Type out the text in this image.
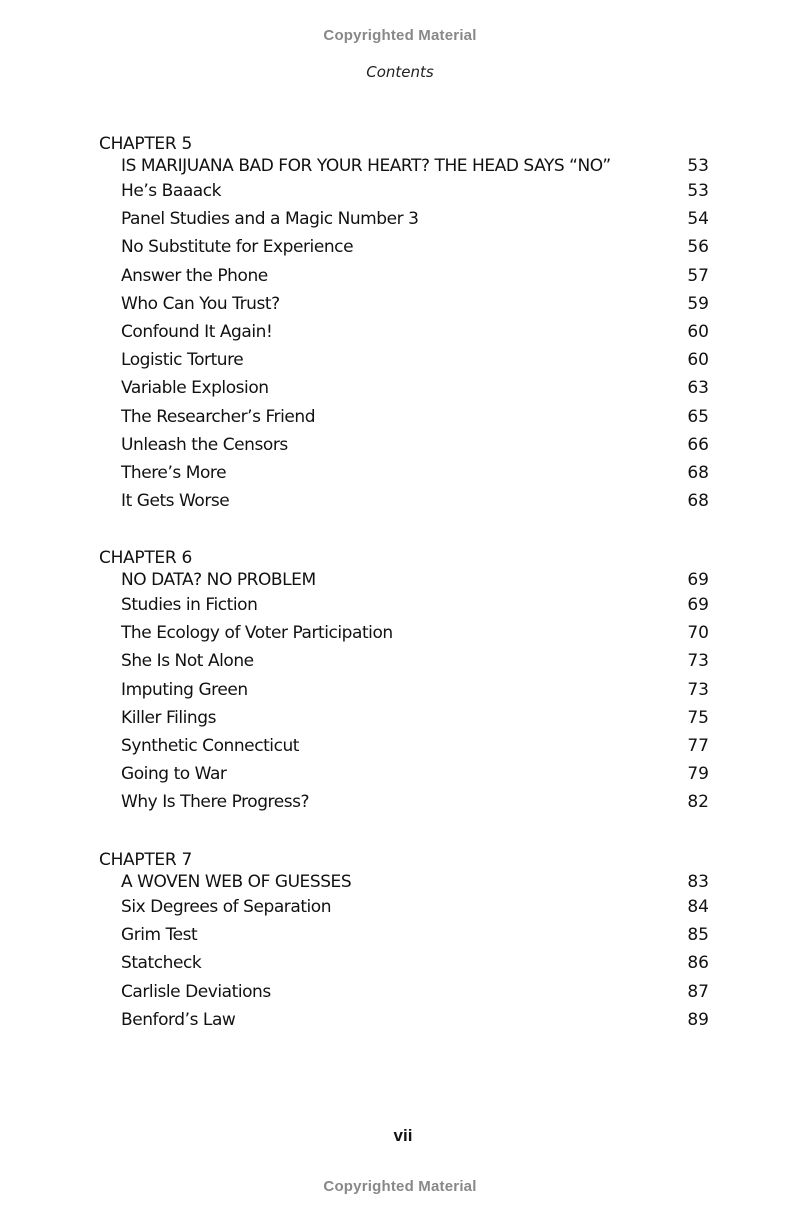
Copyrighted Material
Contents
CHAPTER 5
IS MARIJUANA BAD FOR YOUR HEART? THE HEAD SAYS “NO”	53
He’s Baaack	53
Panel Studies and a Magic Number 3	54
No Substitute for Experience	56
Answer the Phone	57
Who Can You Trust?	59
Confound It Again!	60
Logistic Torture	60
Variable Explosion	63
The Researcher’s Friend	65
Unleash the Censors	66
There’s More	68
It Gets Worse	68
CHAPTER 6
NO DATA? NO PROBLEM	69
Studies in Fiction	69
The Ecology of Voter Participation	70
She Is Not Alone	73
Imputing Green	73
Killer Filings	75
Synthetic Connecticut	77
Going to War	79
Why Is There Progress?	82
CHAPTER 7
A WOVEN WEB OF GUESSES	83
Six Degrees of Separation	84
Grim Test	85
Statcheck	86
Carlisle Deviations	87
Benford’s Law	89
vii
Copyrighted Material
